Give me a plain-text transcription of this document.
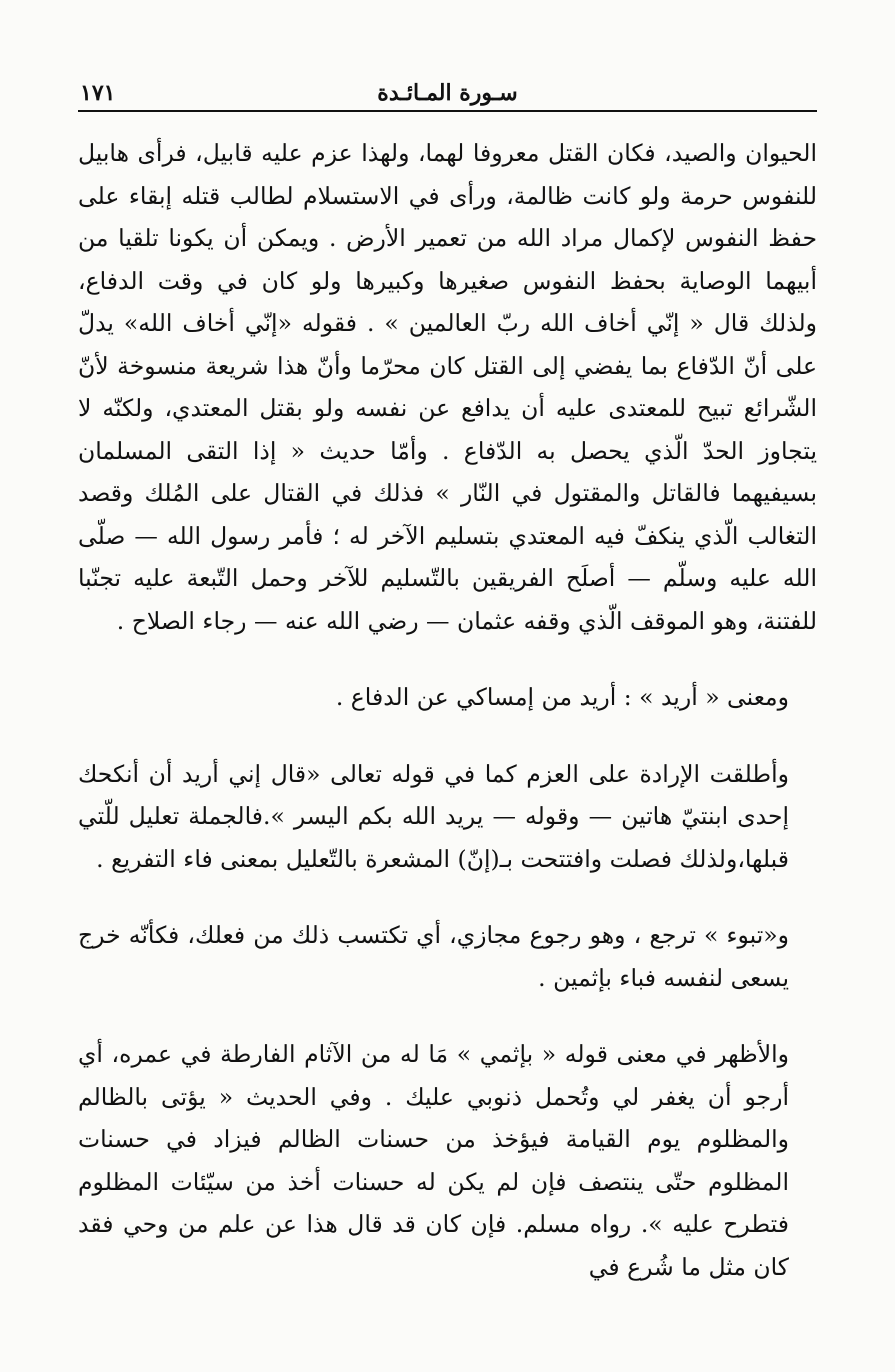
١٧١	سـورة المـائـدة

الحيوان والصيد، فكان القتل معروفا لهما، ولهذا عزم عليه قابيل، فرأى هابيل للنفوس حرمة ولو كانت ظالمة، ورأى في الاستسلام لطالب قتله إبقاء على حفظ النفوس لإكمال مراد الله من تعمير الأرض . ويمكن أن يكونا تلقيا من أبيهما الوصاية بحفظ النفوس صغيرها وكبيرها ولو كان في وقت الدفاع، ولذلك قال « إنّي أخاف الله ربّ العالمين » . فقوله «إنّي أخاف الله» يدلّ على أنّ الدّفاع بما يفضي إلى القتل كان محرّما وأنّ هذا شريعة منسوخة لأنّ الشّرائع تبيح للمعتدى عليه أن يدافع عن نفسه ولو بقتل المعتدي، ولكنّه لا يتجاوز الحدّ الّذي يحصل به الدّفاع . وأمّا حديث « إذا التقى المسلمان بسيفيهما فالقاتل والمقتول في النّار » فذلك في القتال على المُلك وقصد التغالب الّذي ينكفّ فيه المعتدي بتسليم الآخر له ؛ فأمر رسول الله — صلّى الله عليه وسلّم — أصلَح الفريقين بالتّسليم للآخر وحمل التّبعة عليه تجنّبا للفتنة، وهو الموقف الّذي وقفه عثمان — رضي الله عنه — رجاء الصلاح .

ومعنى « أريد » : أريد من إمساكي عن الدفاع .

وأطلقت الإرادة على العزم كما في قوله تعالى «قال إني أريد أن أنكحك إحدى ابنتيّ هاتين — وقوله — يريد الله بكم اليسر ».فالجملة تعليل للّتي قبلها،ولذلك فصلت وافتتحت بـ(إنّ) المشعرة بالتّعليل بمعنى فاء التفريع .

و«تبوء » ترجع ، وهو رجوع مجازي، أي تكتسب ذلك من فعلك، فكأنّه خرج يسعى لنفسه فباء بإثمين .

والأظهر في معنى قوله « بإثمي » مَا له من الآثام الفارطة في عمره، أي أرجو أن يغفر لي وتُحمل ذنوبي عليك . وفي الحديث « يؤتى بالظالم والمظلوم يوم القيامة فيؤخذ من حسنات الظالم فيزاد في حسنات المظلوم حتّى ينتصف فإن لم يكن له حسنات أخذ من سيّئات المظلوم فتطرح عليه ». رواه مسلم. فإن كان قد قال هذا عن علم من وحي فقد كان مثل ما شُرع في
